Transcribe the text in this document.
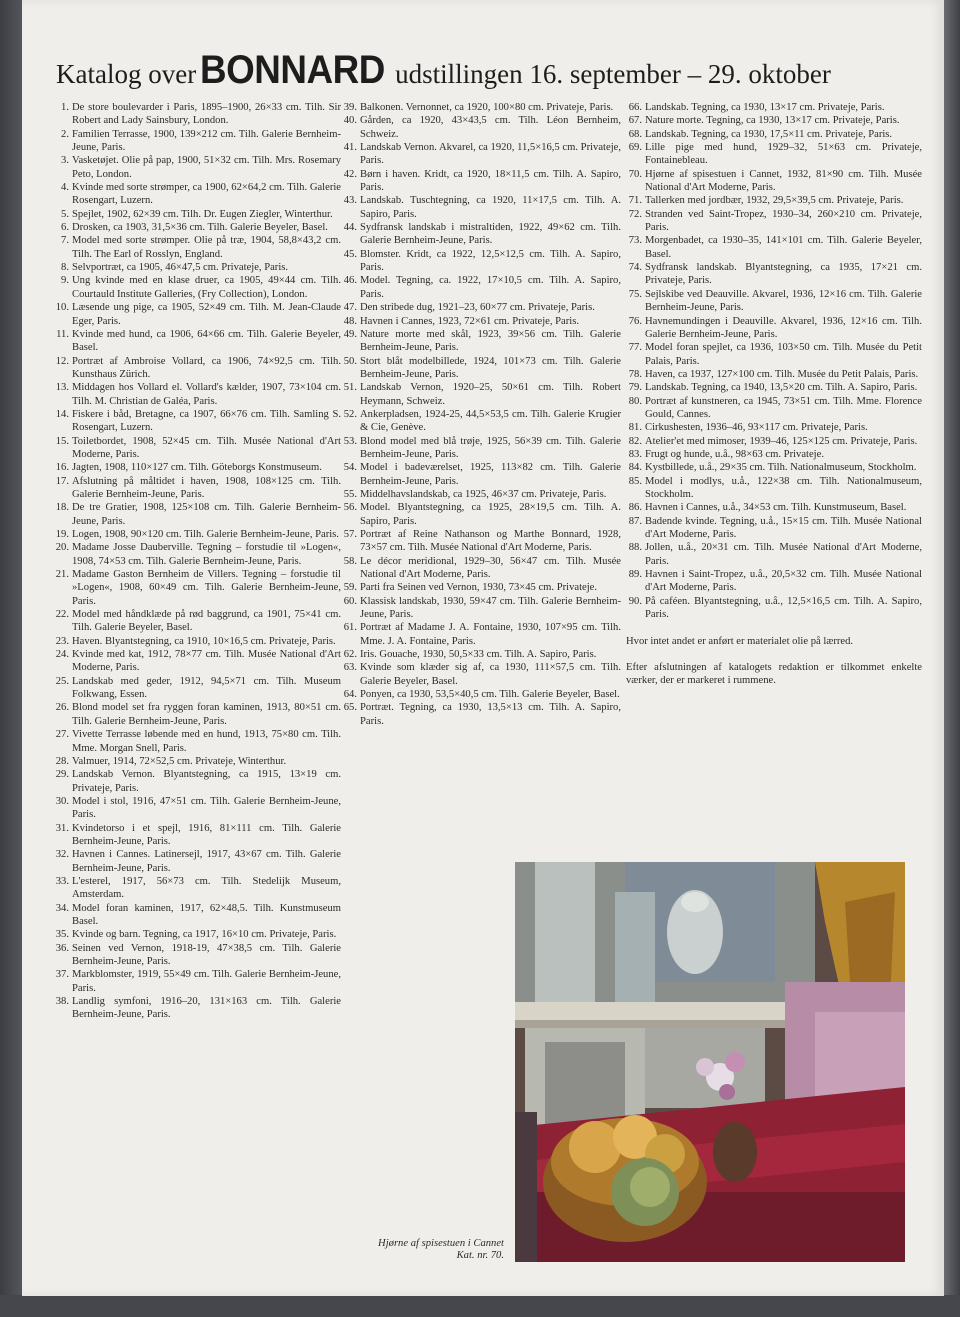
Katalog over BONNARD udstillingen 16. september – 29. oktober

1. De store boulevarder i Paris, 1895–1900, 26×33 cm. Tilh. Sir Robert and Lady Sainsbury, London.

2. Familien Terrasse, 1900, 139×212 cm. Tilh. Galerie Bernheim-Jeune, Paris.

3. Vasketøjet. Olie på pap, 1900, 51×32 cm. Tilh. Mrs. Rosemary Peto, London.

4. Kvinde med sorte strømper, ca 1900, 62×64,2 cm. Tilh. Galerie Rosengart, Luzern.

5. Spejlet, 1902, 62×39 cm. Tilh. Dr. Eugen Ziegler, Winterthur.

6. Drosken, ca 1903, 31,5×36 cm. Tilh. Galerie Beyeler, Basel.

7. Model med sorte strømper. Olie på træ, 1904, 58,8×43,2 cm. Tilh. The Earl of Rosslyn, England.

8. Selvportræt, ca 1905, 46×47,5 cm. Privateje, Paris.

9. Ung kvinde med en klase druer, ca 1905, 49×44 cm. Tilh. Courtauld Institute Galleries, (Fry Collection), London.

10. Læsende ung pige, ca 1905, 52×49 cm. Tilh. M. Jean-Claude Eger, Paris.

11. Kvinde med hund, ca 1906, 64×66 cm. Tilh. Galerie Beyeler, Basel.

12. Portræt af Ambroise Vollard, ca 1906, 74×92,5 cm. Tilh. Kunsthaus Zürich.

13. Middagen hos Vollard el. Vollard's kælder, 1907, 73×104 cm. Tilh. M. Christian de Galéa, Paris.

14. Fiskere i båd, Bretagne, ca 1907, 66×76 cm. Tilh. Samling S. Rosengart, Luzern.

15. Toiletbordet, 1908, 52×45 cm. Tilh. Musée National d'Art Moderne, Paris.

16. Jagten, 1908, 110×127 cm. Tilh. Göteborgs Konstmuseum.

17. Afslutning på måltidet i haven, 1908, 108×125 cm. Tilh. Galerie Bernheim-Jeune, Paris.

18. De tre Gratier, 1908, 125×108 cm. Tilh. Galerie Bernheim-Jeune, Paris.

19. Logen, 1908, 90×120 cm. Tilh. Galerie Bernheim-Jeune, Paris.

20. Madame Josse Dauberville. Tegning – forstudie til »Logen«, 1908, 74×53 cm. Tilh. Galerie Bernheim-Jeune, Paris.

21. Madame Gaston Bernheim de Villers. Tegning – forstudie til »Logen«, 1908, 60×49 cm. Tilh. Galerie Bernheim-Jeune, Paris.

22. Model med håndklæde på rød baggrund, ca 1901, 75×41 cm. Tilh. Galerie Beyeler, Basel.

23. Haven. Blyantstegning, ca 1910, 10×16,5 cm. Privateje, Paris.

24. Kvinde med kat, 1912, 78×77 cm. Tilh. Musée National d'Art Moderne, Paris.

25. Landskab med geder, 1912, 94,5×71 cm. Tilh. Museum Folkwang, Essen.

26. Blond model set fra ryggen foran kaminen, 1913, 80×51 cm. Tilh. Galerie Bernheim-Jeune, Paris.

27. Vivette Terrasse løbende med en hund, 1913, 75×80 cm. Tilh. Mme. Morgan Snell, Paris.

28. Valmuer, 1914, 72×52,5 cm. Privateje, Winterthur.

29. Landskab Vernon. Blyantstegning, ca 1915, 13×19 cm. Privateje, Paris.

30. Model i stol, 1916, 47×51 cm. Tilh. Galerie Bernheim-Jeune, Paris.

31. Kvindetorso i et spejl, 1916, 81×111 cm. Tilh. Galerie Bernheim-Jeune, Paris.

32. Havnen i Cannes. Latinersejl, 1917, 43×67 cm. Tilh. Galerie Bernheim-Jeune, Paris.

33. L'esterel, 1917, 56×73 cm. Tilh. Stedelijk Museum, Amsterdam.

34. Model foran kaminen, 1917, 62×48,5. Tilh. Kunstmuseum Basel.

35. Kvinde og barn. Tegning, ca 1917, 16×10 cm. Privateje, Paris.

36. Seinen ved Vernon, 1918-19, 47×38,5 cm. Tilh. Galerie Bernheim-Jeune, Paris.

37. Markblomster, 1919, 55×49 cm. Tilh. Galerie Bernheim-Jeune, Paris.

38. Landlig symfoni, 1916–20, 131×163 cm. Tilh. Galerie Bernheim-Jeune, Paris.

39. Balkonen. Vernonnet, ca 1920, 100×80 cm. Privateje, Paris.

40. Gården, ca 1920, 43×43,5 cm. Tilh. Léon Bernheim, Schweiz.

41. Landskab Vernon. Akvarel, ca 1920, 11,5×16,5 cm. Privateje, Paris.

42. Børn i haven. Kridt, ca 1920, 18×11,5 cm. Tilh. A. Sapiro, Paris.

43. Landskab. Tuschtegning, ca 1920, 11×17,5 cm. Tilh. A. Sapiro, Paris.

44. Sydfransk landskab i mistraltiden, 1922, 49×62 cm. Tilh. Galerie Bernheim-Jeune, Paris.

45. Blomster. Kridt, ca 1922, 12,5×12,5 cm. Tilh. A. Sapiro, Paris.

46. Model. Tegning, ca. 1922, 17×10,5 cm. Tilh. A. Sapiro, Paris.

47. Den stribede dug, 1921–23, 60×77 cm. Privateje, Paris.

48. Havnen i Cannes, 1923, 72×61 cm. Privateje, Paris.

49. Nature morte med skål, 1923, 39×56 cm. Tilh. Galerie Bernheim-Jeune, Paris.

50. Stort blåt modelbillede, 1924, 101×73 cm. Tilh. Galerie Bernheim-Jeune, Paris.

51. Landskab Vernon, 1920–25, 50×61 cm. Tilh. Robert Heymann, Schweiz.

52. Ankerpladsen, 1924-25, 44,5×53,5 cm. Tilh. Galerie Krugier & Cie, Genève.

53. Blond model med blå trøje, 1925, 56×39 cm. Tilh. Galerie Bernheim-Jeune, Paris.

54. Model i badeværelset, 1925, 113×82 cm. Tilh. Galerie Bernheim-Jeune, Paris.

55. Middelhavslandskab, ca 1925, 46×37 cm. Privateje, Paris.

56. Model. Blyantstegning, ca 1925, 28×19,5 cm. Tilh. A. Sapiro, Paris.

57. Portræt af Reine Nathanson og Marthe Bonnard, 1928, 73×57 cm. Tilh. Musée National d'Art Moderne, Paris.

58. Le décor meridional, 1929–30, 56×47 cm. Tilh. Musée National d'Art Moderne, Paris.

59. Parti fra Seinen ved Vernon, 1930, 73×45 cm. Privateje.

60. Klassisk landskab, 1930, 59×47 cm. Tilh. Galerie Bernheim-Jeune, Paris.

61. Portræt af Madame J. A. Fontaine, 1930, 107×95 cm. Tilh. Mme. J. A. Fontaine, Paris.

62. Iris. Gouache, 1930, 50,5×33 cm. Tilh. A. Sapiro, Paris.

63. Kvinde som klæder sig af, ca 1930, 111×57,5 cm. Tilh. Galerie Beyeler, Basel.

64. Ponyen, ca 1930, 53,5×40,5 cm. Tilh. Galerie Beyeler, Basel.

65. Portræt. Tegning, ca 1930, 13,5×13 cm. Tilh. A. Sapiro, Paris.

66. Landskab. Tegning, ca 1930, 13×17 cm. Privateje, Paris.

67. Nature morte. Tegning, ca 1930, 13×17 cm. Privateje, Paris.

68. Landskab. Tegning, ca 1930, 17,5×11 cm. Privateje, Paris.

69. Lille pige med hund, 1929–32, 51×63 cm. Privateje, Fontainebleau.

70. Hjørne af spisestuen i Cannet, 1932, 81×90 cm. Tilh. Musée National d'Art Moderne, Paris.

71. Tallerken med jordbær, 1932, 29,5×39,5 cm. Privateje, Paris.

72. Stranden ved Saint-Tropez, 1930–34, 260×210 cm. Privateje, Paris.

73. Morgenbadet, ca 1930–35, 141×101 cm. Tilh. Galerie Beyeler, Basel.

74. Sydfransk landskab. Blyantstegning, ca 1935, 17×21 cm. Privateje, Paris.

75. Sejlskibe ved Deauville. Akvarel, 1936, 12×16 cm. Tilh. Galerie Bernheim-Jeune, Paris.

76. Havnemundingen i Deauville. Akvarel, 1936, 12×16 cm. Tilh. Galerie Bernheim-Jeune, Paris.

77. Model foran spejlet, ca 1936, 103×50 cm. Tilh. Musée du Petit Palais, Paris.

78. Haven, ca 1937, 127×100 cm. Tilh. Musée du Petit Palais, Paris.

79. Landskab. Tegning, ca 1940, 13,5×20 cm. Tilh. A. Sapiro, Paris.

80. Portræt af kunstneren, ca 1945, 73×51 cm. Tilh. Mme. Florence Gould, Cannes.

81. Cirkushesten, 1936–46, 93×117 cm. Privateje, Paris.

82. Atelier'et med mimoser, 1939–46, 125×125 cm. Privateje, Paris.

83. Frugt og hunde, u.å., 98×63 cm. Privateje.

84. Kystbillede, u.å., 29×35 cm. Tilh. Nationalmuseum, Stockholm.

85. Model i modlys, u.å., 122×38 cm. Tilh. Nationalmuseum, Stockholm.

86. Havnen i Cannes, u.å., 34×53 cm. Tilh. Kunstmuseum, Basel.

87. Badende kvinde. Tegning, u.å., 15×15 cm. Tilh. Musée National d'Art Moderne, Paris.

88. Jollen, u.å., 20×31 cm. Tilh. Musée National d'Art Moderne, Paris.

89. Havnen i Saint-Tropez, u.å., 20,5×32 cm. Tilh. Musée National d'Art Moderne, Paris.

90. På caféen. Blyantstegning, u.å., 12,5×16,5 cm. Tilh. A. Sapiro, Paris.

Hvor intet andet er anført er materialet olie på lærred.

Efter afslutningen af katalogets redaktion er tilkommet enkelte værker, der er markeret i rummene.

Hjørne af spisestuen i Cannet
Kat. nr. 70.
